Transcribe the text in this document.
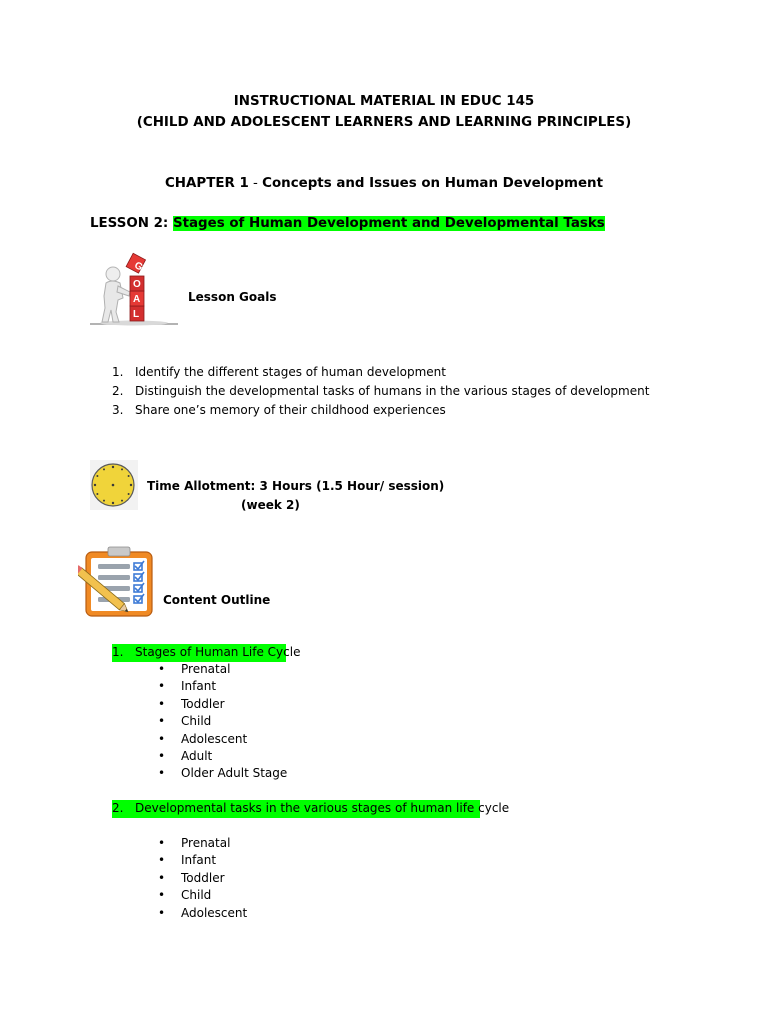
INSTRUCTIONAL MATERIAL IN EDUC 145
(CHILD AND ADOLESCENT LEARNERS AND LEARNING PRINCIPLES)
CHAPTER 1 - Concepts and Issues on Human Development
LESSON 2: Stages of Human Development and Developmental Tasks
G
O
A
L
Lesson Goals
1. Identify the different stages of human development
2. Distinguish the developmental tasks of humans in the various stages of development
3. Share one’s memory of their childhood experiences
Time Allotment: 3 Hours (1.5 Hour/ session)
(week 2)
Content Outline
1. Stages of Human Life Cycle
• Prenatal
• Infant
• Toddler
• Child
• Adolescent
• Adult
• Older Adult Stage
2. Developmental tasks in the various stages of human life cycle
• Prenatal
• Infant
• Toddler
• Child
• Adolescent
